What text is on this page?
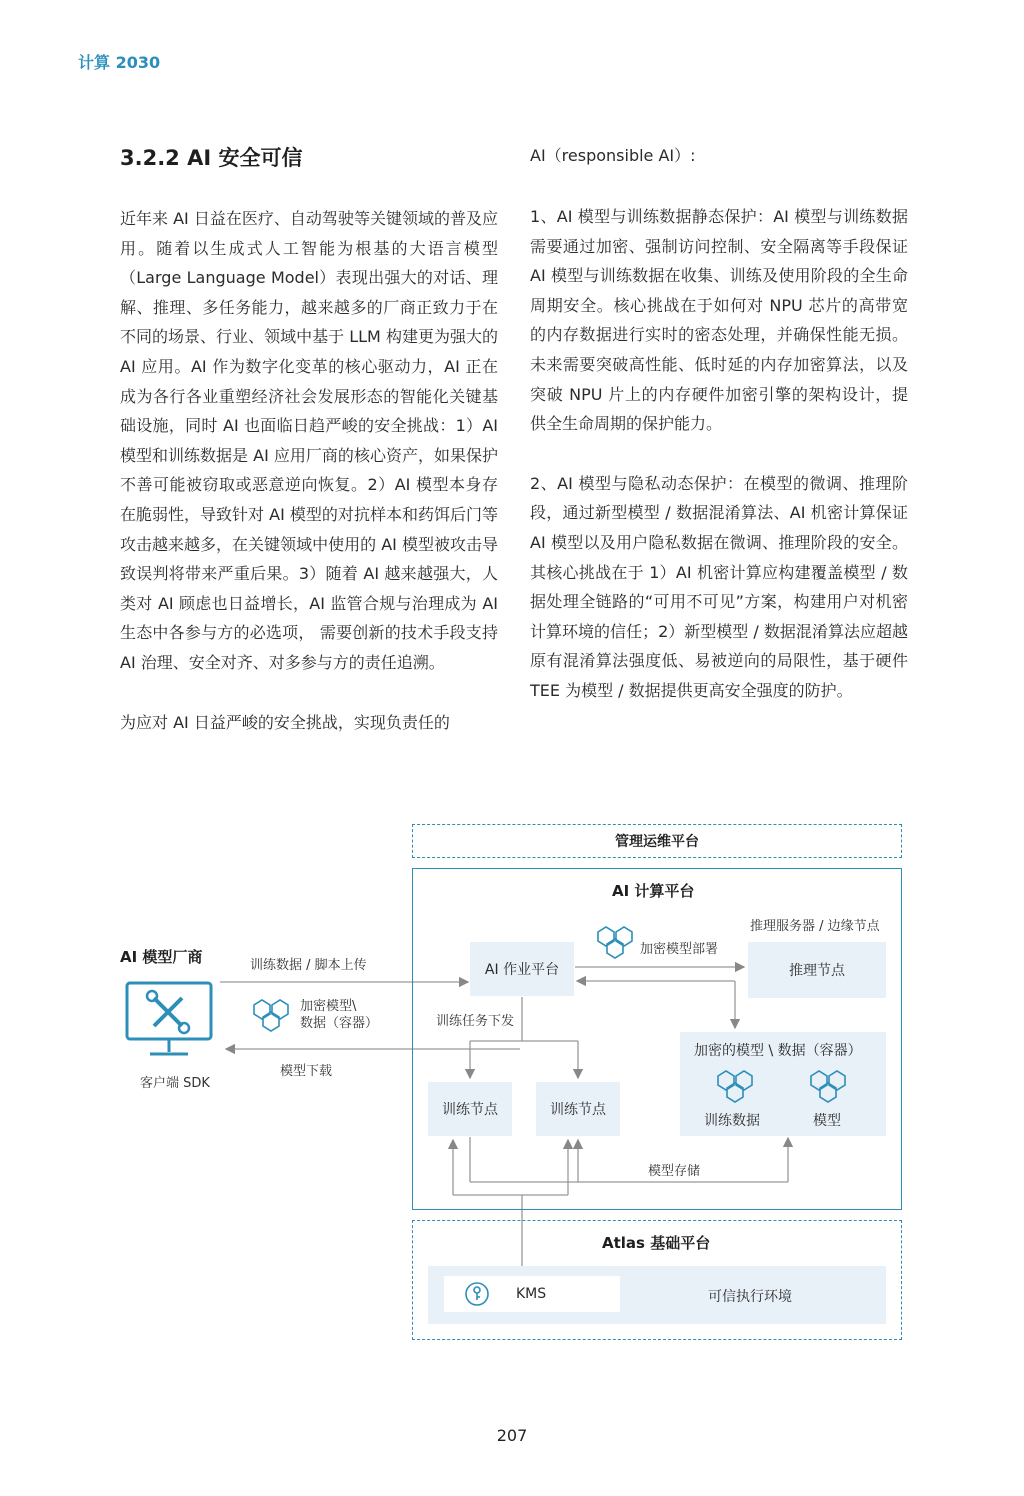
计算 2030
3.2.2 AI 安全可信

近年来 AI 日益在医疗、自动驾驶等关键领域的普及应用。随着以生成式人工智能为根基的大语言模型（Large Language Model）表现出强大的对话、理解、推理、多任务能力，越来越多的厂商正致力于在不同的场景、行业、领域中基于 LLM 构建更为强大的 AI 应用。AI 作为数字化变革的核心驱动力，AI 正在成为各行各业重塑经济社会发展形态的智能化关键基础设施，同时 AI 也面临日趋严峻的安全挑战：1）AI 模型和训练数据是 AI 应用厂商的核心资产，如果保护不善可能被窃取或恶意逆向恢复。2）AI 模型本身存在脆弱性，导致针对 AI 模型的对抗样本和药饵后门等攻击越来越多，在关键领域中使用的 AI 模型被攻击导致误判将带来严重后果。3）随着 AI 越来越强大，人类对 AI 顾虑也日益增长，AI 监管合规与治理成为 AI 生态中各参与方的必选项， 需要创新的技术手段支持 AI 治理、安全对齐、对多参与方的责任追溯。

为应对 AI 日益严峻的安全挑战，实现负责任的

AI（responsible AI）:

1、AI 模型与训练数据静态保护：AI 模型与训练数据需要通过加密、强制访问控制、安全隔离等手段保证 AI 模型与训练数据在收集、训练及使用阶段的全生命周期安全。核心挑战在于如何对 NPU 芯片的高带宽的内存数据进行实时的密态处理，并确保性能无损。未来需要突破高性能、低时延的内存加密算法，以及突破 NPU 片上的内存硬件加密引擎的架构设计，提供全生命周期的保护能力。

2、AI 模型与隐私动态保护：在模型的微调、推理阶段，通过新型模型 / 数据混淆算法、AI 机密计算保证 AI 模型以及用户隐私数据在微调、推理阶段的安全。其核心挑战在于 1）AI 机密计算应构建覆盖模型 / 数据处理全链路的“可用不可见”方案，构建用户对机密计算环境的信任；2）新型模型 / 数据混淆算法应超越原有混淆算法强度低、易被逆向的局限性，基于硬件 TEE 为模型 / 数据提供更高安全强度的防护。

管理运维平台
AI 计算平台
AI 模型厂商
客户端 SDK
训练数据 / 脚本上传
加密模型\
数据（容器）
模型下载
AI 作业平台
加密模型部署
推理服务器 / 边缘节点
推理节点
训练任务下发
训练节点	训练节点
加密的模型 \ 数据（容器）
训练数据	模型
模型存储
Atlas 基础平台
KMS	可信执行环境
207
